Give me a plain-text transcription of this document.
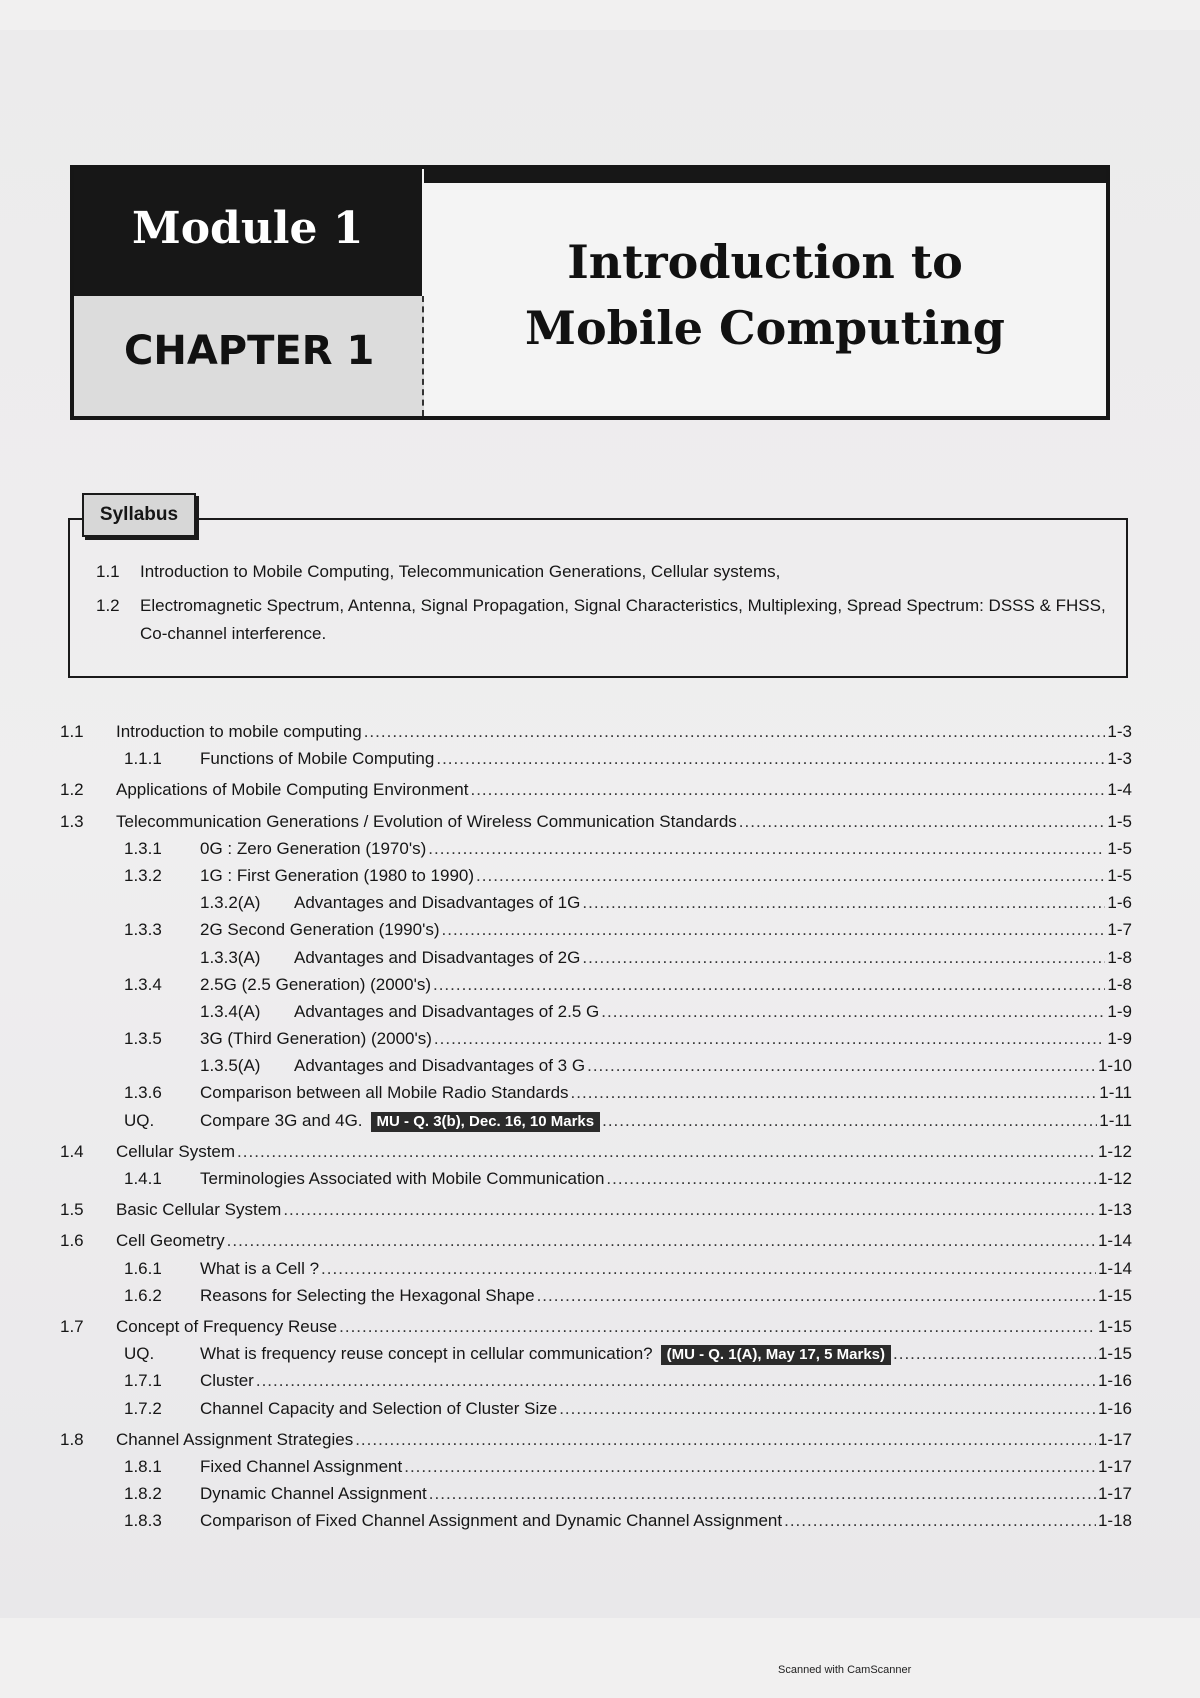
Module 1
CHAPTER 1
Introduction to
Mobile Computing
1.1 Introduction to Mobile Computing, Telecommunication Generations, Cellular systems,
1.2 Electromagnetic Spectrum, Antenna, Signal Propagation, Signal Characteristics, Multiplexing, Spread Spectrum: DSSS & FHSS, Co-channel interference.
Syllabus
1.1	Introduction to mobile computing .....	1-3
1.1.1	Functions of Mobile Computing .....	1-3
1.2	Applications of Mobile Computing Environment .....	1-4
1.3	Telecommunication Generations / Evolution of Wireless Communication Standards .....	1-5
1.3.1	0G : Zero Generation (1970's) .....	1-5
1.3.2	1G : First Generation (1980 to 1990) .....	1-5
1.3.2(A)	Advantages and Disadvantages of 1G .....	1-6
1.3.3	2G Second Generation (1990's) .....	1-7
1.3.3(A)	Advantages and Disadvantages of 2G .....	1-8
1.3.4	2.5G (2.5 Generation) (2000's) .....	1-8
1.3.4(A)	Advantages and Disadvantages of 2.5 G .....	1-9
1.3.5	3G (Third Generation) (2000's) .....	1-9
1.3.5(A)	Advantages and Disadvantages of 3 G .....	1-10
1.3.6	Comparison between all Mobile Radio Standards .....	1-11
UQ.	Compare 3G and 4G. MU - Q. 3(b), Dec. 16, 10 Marks .....	1-11
1.4	Cellular System .....	1-12
1.4.1	Terminologies Associated with Mobile Communication .....	1-12
1.5	Basic Cellular System .....	1-13
1.6	Cell Geometry .....	1-14
1.6.1	What is a Cell ? .....	1-14
1.6.2	Reasons for Selecting the Hexagonal Shape .....	1-15
1.7	Concept of Frequency Reuse .....	1-15
UQ.	What is frequency reuse concept in cellular communication? (MU - Q. 1(A), May 17, 5 Marks) .....	1-15
1.7.1	Cluster .....	1-16
1.7.2	Channel Capacity and Selection of Cluster Size .....	1-16
1.8	Channel Assignment Strategies .....	1-17
1.8.1	Fixed Channel Assignment .....	1-17
1.8.2	Dynamic Channel Assignment .....	1-17
1.8.3	Comparison of Fixed Channel Assignment and Dynamic Channel Assignment .....	1-18
Scanned with CamScanner
